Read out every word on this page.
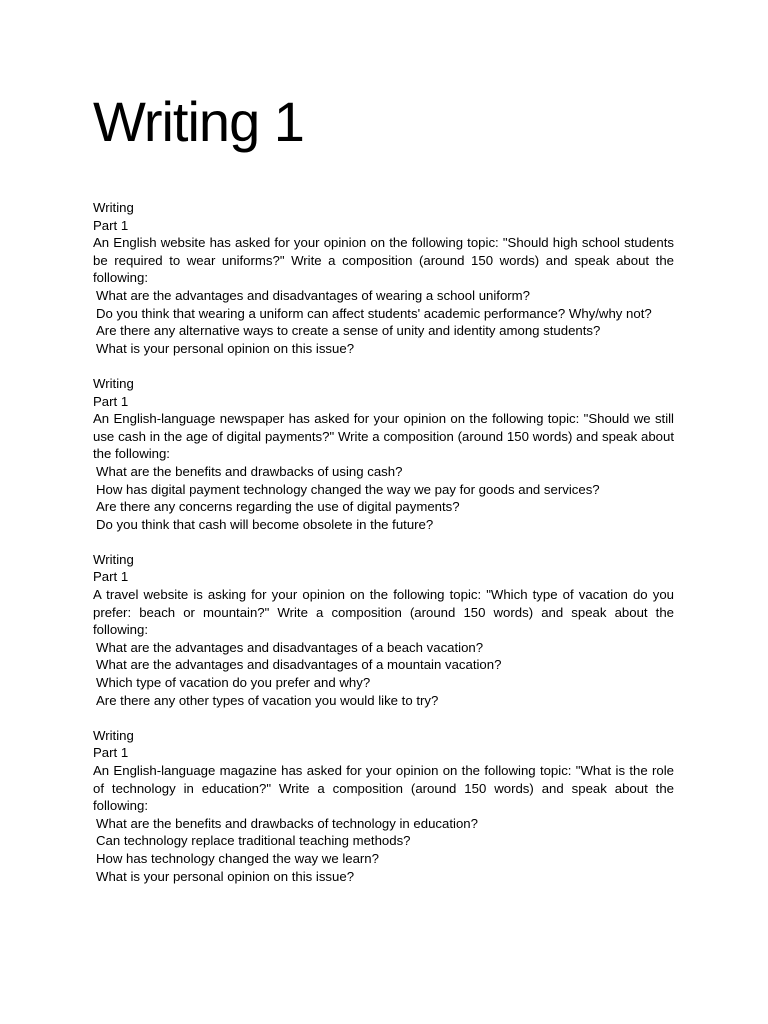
Writing 1
Writing
Part 1
An English website has asked for your opinion on the following topic: "Should high school students be required to wear uniforms?" Write a composition (around 150 words) and speak about the following:
What are the advantages and disadvantages of wearing a school uniform?
Do you think that wearing a uniform can affect students' academic performance? Why/why not?
Are there any alternative ways to create a sense of unity and identity among students?
What is your personal opinion on this issue?
Writing
Part 1
An English-language newspaper has asked for your opinion on the following topic: "Should we still use cash in the age of digital payments?" Write a composition (around 150 words) and speak about the following:
What are the benefits and drawbacks of using cash?
How has digital payment technology changed the way we pay for goods and services?
Are there any concerns regarding the use of digital payments?
Do you think that cash will become obsolete in the future?
Writing
Part 1
A travel website is asking for your opinion on the following topic: "Which type of vacation do you prefer: beach or mountain?" Write a composition (around 150 words) and speak about the following:
What are the advantages and disadvantages of a beach vacation?
What are the advantages and disadvantages of a mountain vacation?
Which type of vacation do you prefer and why?
Are there any other types of vacation you would like to try?
Writing
Part 1
An English-language magazine has asked for your opinion on the following topic: "What is the role of technology in education?" Write a composition (around 150 words) and speak about the following:
What are the benefits and drawbacks of technology in education?
Can technology replace traditional teaching methods?
How has technology changed the way we learn?
What is your personal opinion on this issue?
